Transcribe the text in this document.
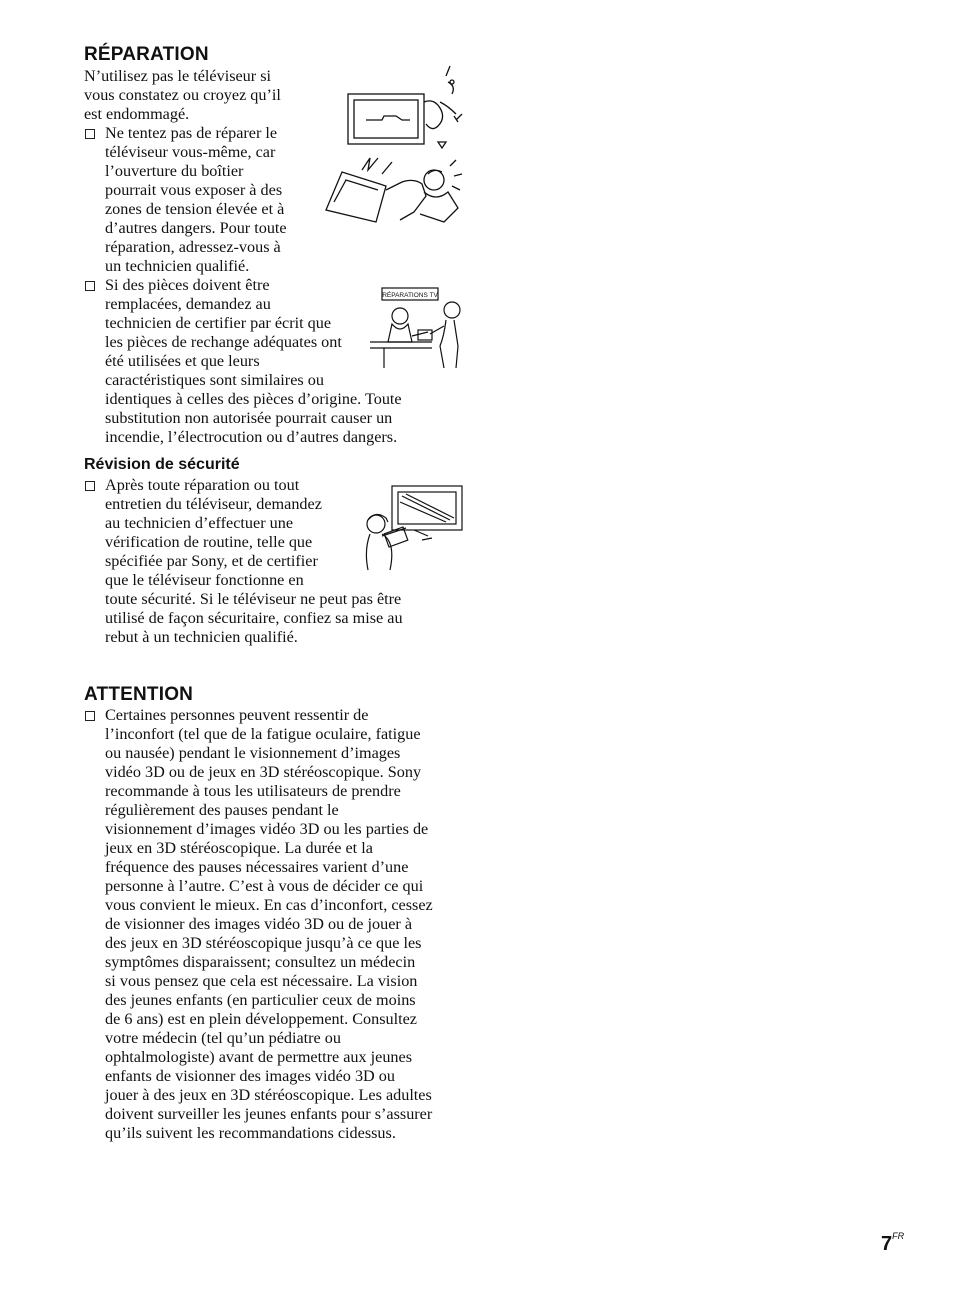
RÉPARATION
N’utilisez pas le téléviseur si
vous constatez ou croyez qu’il
est endommagé.
Ne tentez pas de réparer le
téléviseur vous-même, car
l’ouverture du boîtier
pourrait vous exposer à des
zones de tension élevée et à
d’autres dangers. Pour toute
réparation, adressez-vous à
un technicien qualifié.
Si des pièces doivent être
remplacées, demandez au
technicien de certifier par écrit que
les pièces de rechange adéquates ont
été utilisées et que leurs
caractéristiques sont similaires ou
identiques à celles des pièces d’origine. Toute
substitution non autorisée pourrait causer un
incendie, l’électrocution ou d’autres dangers.
RÉPARATIONS TV
Révision de sécurité
Après toute réparation ou tout
entretien du téléviseur, demandez
au technicien d’effectuer une
vérification de routine, telle que
spécifiée par Sony, et de certifier
que le téléviseur fonctionne en
toute sécurité. Si le téléviseur ne peut pas être
utilisé de façon sécuritaire, confiez sa mise au
rebut à un technicien qualifié.
ATTENTION
Certaines personnes peuvent ressentir de
l’inconfort (tel que de la fatigue oculaire, fatigue
ou nausée) pendant le visionnement d’images
vidéo 3D ou de jeux en 3D stéréoscopique. Sony
recommande à tous les utilisateurs de prendre
régulièrement des pauses pendant le
visionnement d’images vidéo 3D ou les parties de
jeux en 3D stéréoscopique. La durée et la
fréquence des pauses nécessaires varient d’une
personne à l’autre. C’est à vous de décider ce qui
vous convient le mieux. En cas d’inconfort, cessez
de visionner des images vidéo 3D ou de jouer à
des jeux en 3D stéréoscopique jusqu’à ce que les
symptômes disparaissent; consultez un médecin
si vous pensez que cela est nécessaire. La vision
des jeunes enfants (en particulier ceux de moins
de 6 ans) est en plein développement. Consultez
votre médecin (tel qu’un pédiatre ou
ophtalmologiste) avant de permettre aux jeunes
enfants de visionner des images vidéo 3D ou
jouer à des jeux en 3D stéréoscopique. Les adultes
doivent surveiller les jeunes enfants pour s’assurer
qu’ils suivent les recommandations cidessus.
$7^{FR}$
